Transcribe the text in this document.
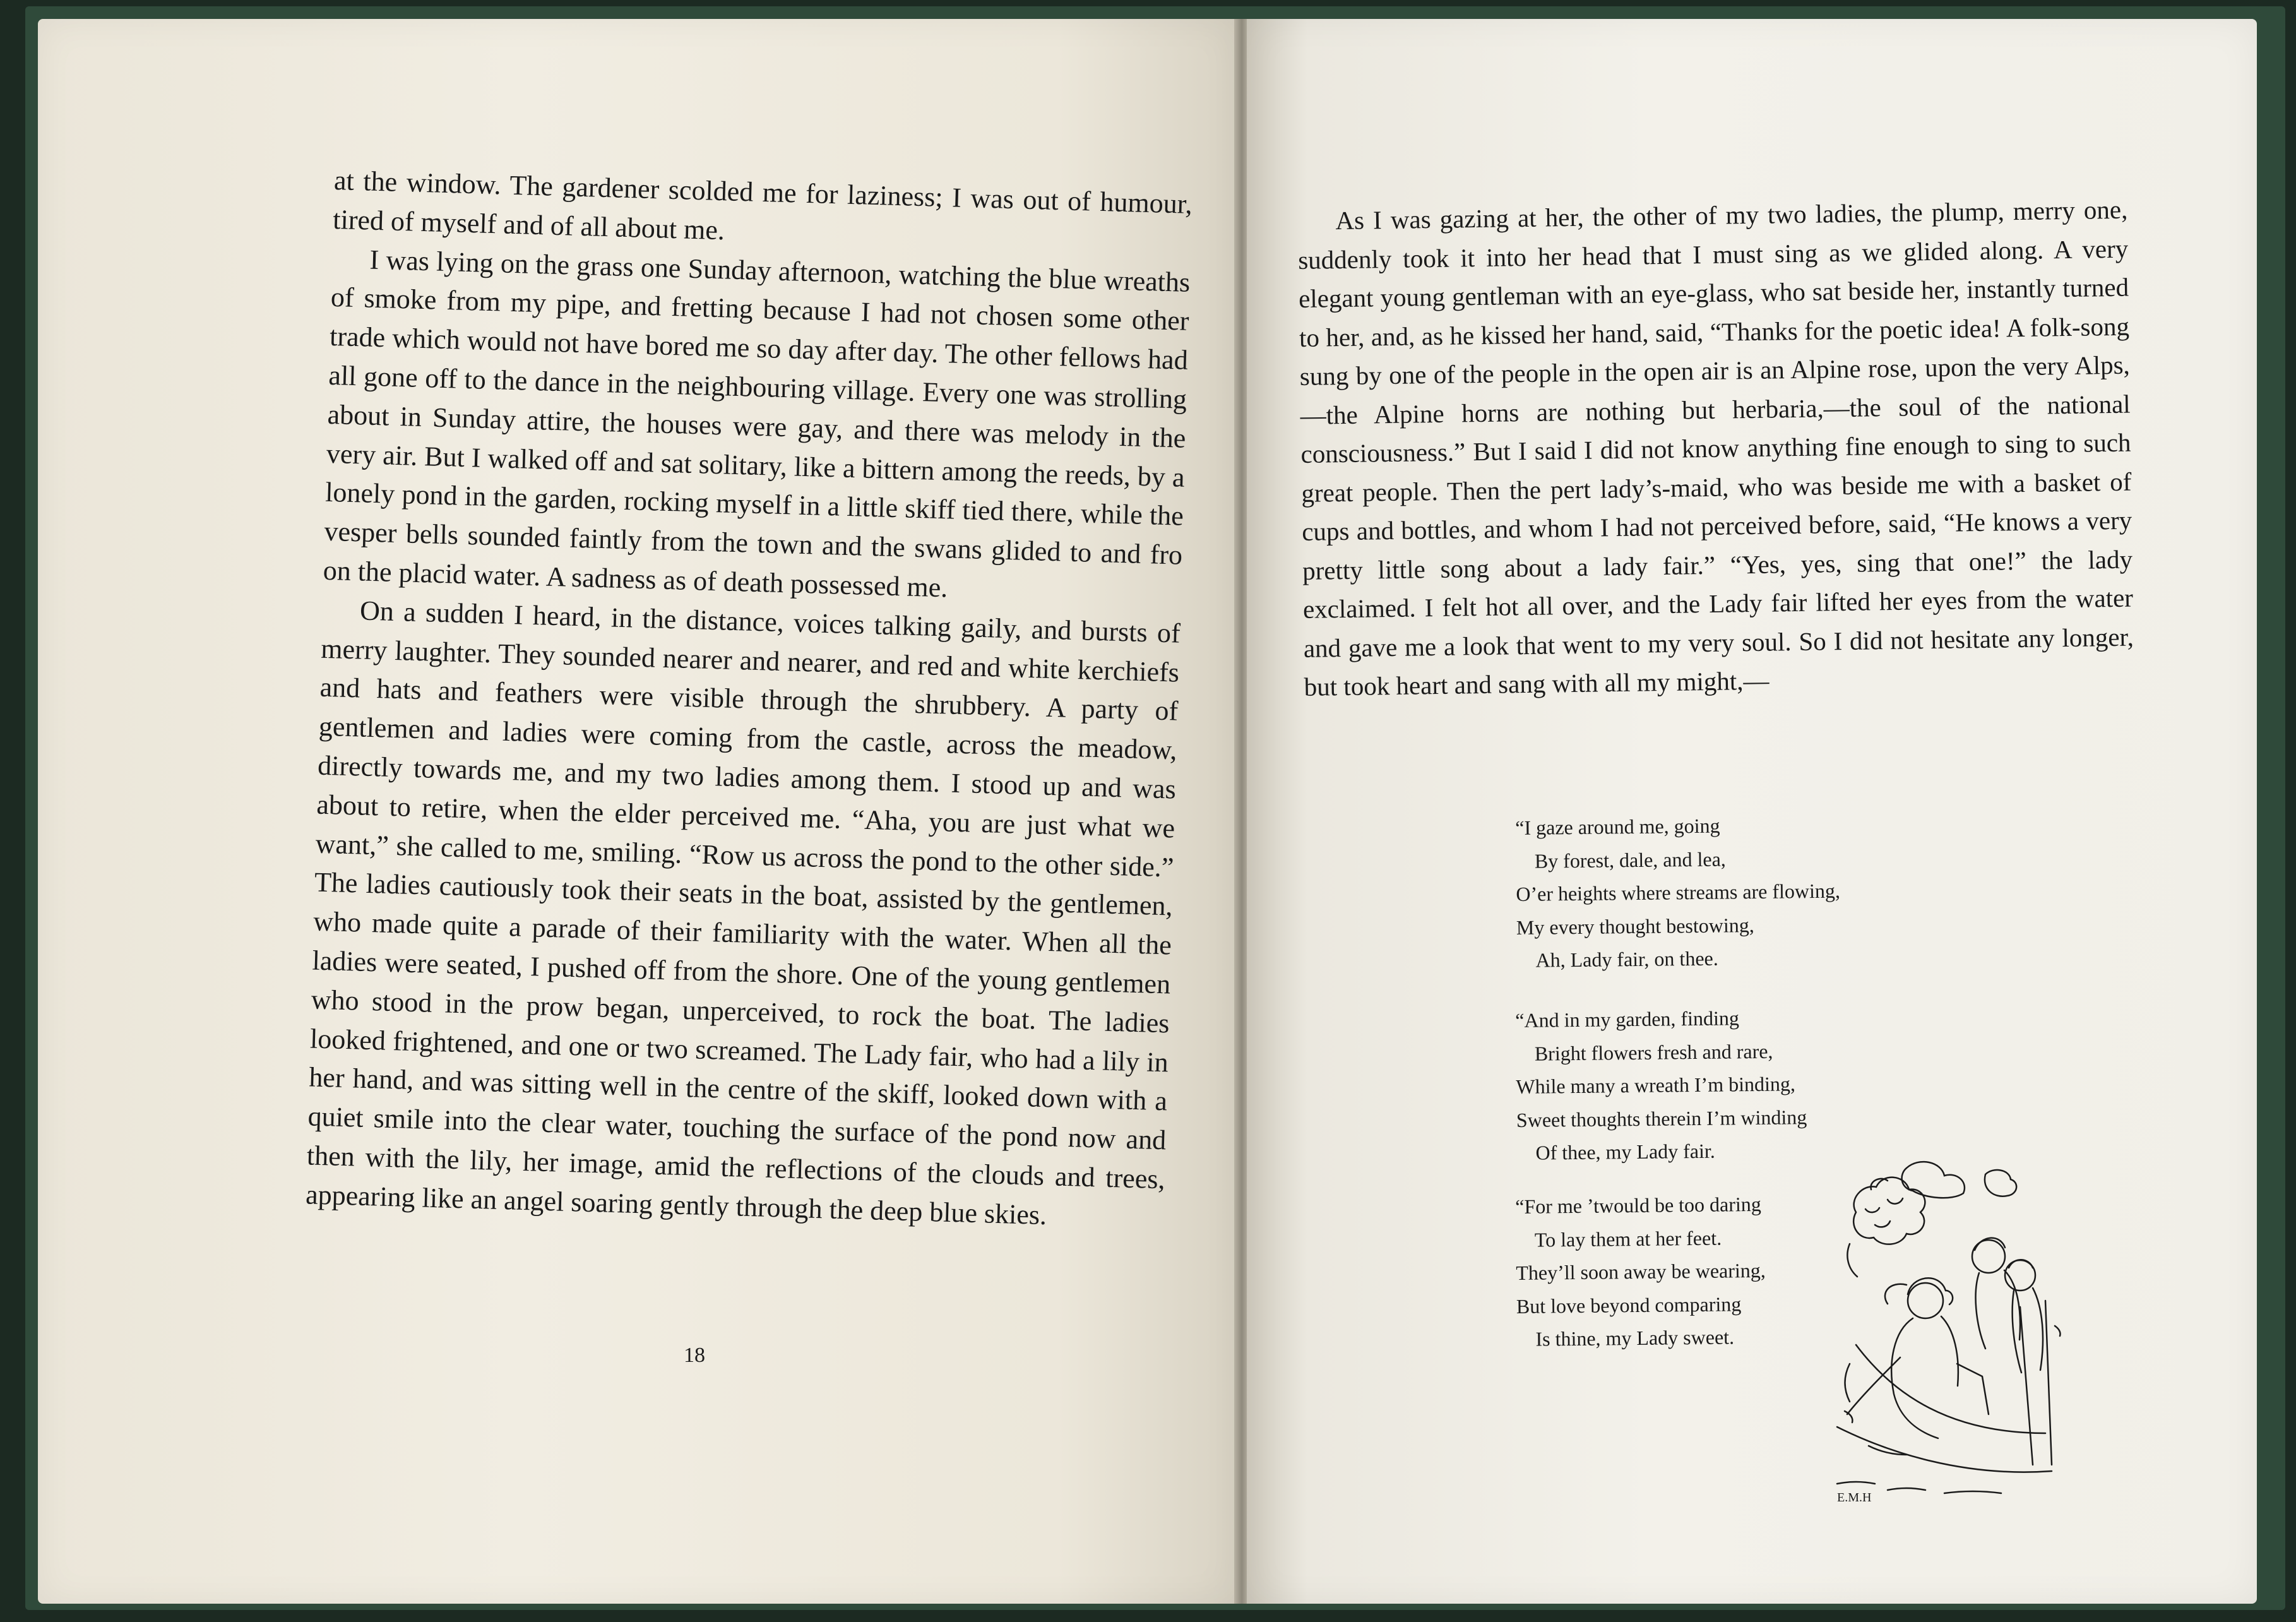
at the window. The gardener scolded me for laziness; I was out of humour, tired of myself and of all about me.

I was lying on the grass one Sunday afternoon, watching the blue wreaths of smoke from my pipe, and fretting because I had not chosen some other trade which would not have bored me so day after day. The other fellows had all gone off to the dance in the neighbouring village. Every one was strolling about in Sunday attire, the houses were gay, and there was melody in the very air. But I walked off and sat solitary, like a bittern among the reeds, by a lonely pond in the garden, rocking myself in a little skiff tied there, while the vesper bells sounded faintly from the town and the swans glided to and fro on the placid water. A sadness as of death possessed me.

On a sudden I heard, in the distance, voices talking gaily, and bursts of merry laughter. They sounded nearer and nearer, and red and white kerchiefs and hats and feathers were visible through the shrubbery. A party of gentlemen and ladies were coming from the castle, across the meadow, directly towards me, and my two ladies among them. I stood up and was about to retire, when the elder perceived me. “Aha, you are just what we want,” she called to me, smiling. “Row us across the pond to the other side.” The ladies cautiously took their seats in the boat, assisted by the gentlemen, who made quite a parade of their familiarity with the water. When all the ladies were seated, I pushed off from the shore. One of the young gentlemen who stood in the prow began, unperceived, to rock the boat. The ladies looked frightened, and one or two screamed. The Lady fair, who had a lily in her hand, and was sitting well in the centre of the skiff, looked down with a quiet smile into the clear water, touching the surface of the pond now and then with the lily, her image, amid the reflections of the clouds and trees, appearing like an angel soaring gently through the deep blue skies.

18

As I was gazing at her, the other of my two ladies, the plump, merry one, suddenly took it into her head that I must sing as we glided along. A very elegant young gentleman with an eye-glass, who sat beside her, instantly turned to her, and, as he kissed her hand, said, “Thanks for the poetic idea! A folk-song sung by one of the people in the open air is an Alpine rose, upon the very Alps,—the Alpine horns are nothing but herbaria,—the soul of the national consciousness.” But I said I did not know anything fine enough to sing to such great people. Then the pert lady’s-maid, who was beside me with a basket of cups and bottles, and whom I had not perceived before, said, “He knows a very pretty little song about a lady fair.” “Yes, yes, sing that one!” the lady exclaimed. I felt hot all over, and the Lady fair lifted her eyes from the water and gave me a look that went to my very soul. So I did not hesitate any longer, but took heart and sang with all my might,—

“I gaze around me, going
By forest, dale, and lea,
O’er heights where streams are flowing,
My every thought bestowing,
Ah, Lady fair, on thee.
“And in my garden, finding
Bright flowers fresh and rare,
While many a wreath I’m binding,
Sweet thoughts therein I’m winding
Of thee, my Lady fair.
“For me ’twould be too daring
To lay them at her feet.
They’ll soon away be wearing,
But love beyond comparing
Is thine, my Lady sweet.
E.M.H
